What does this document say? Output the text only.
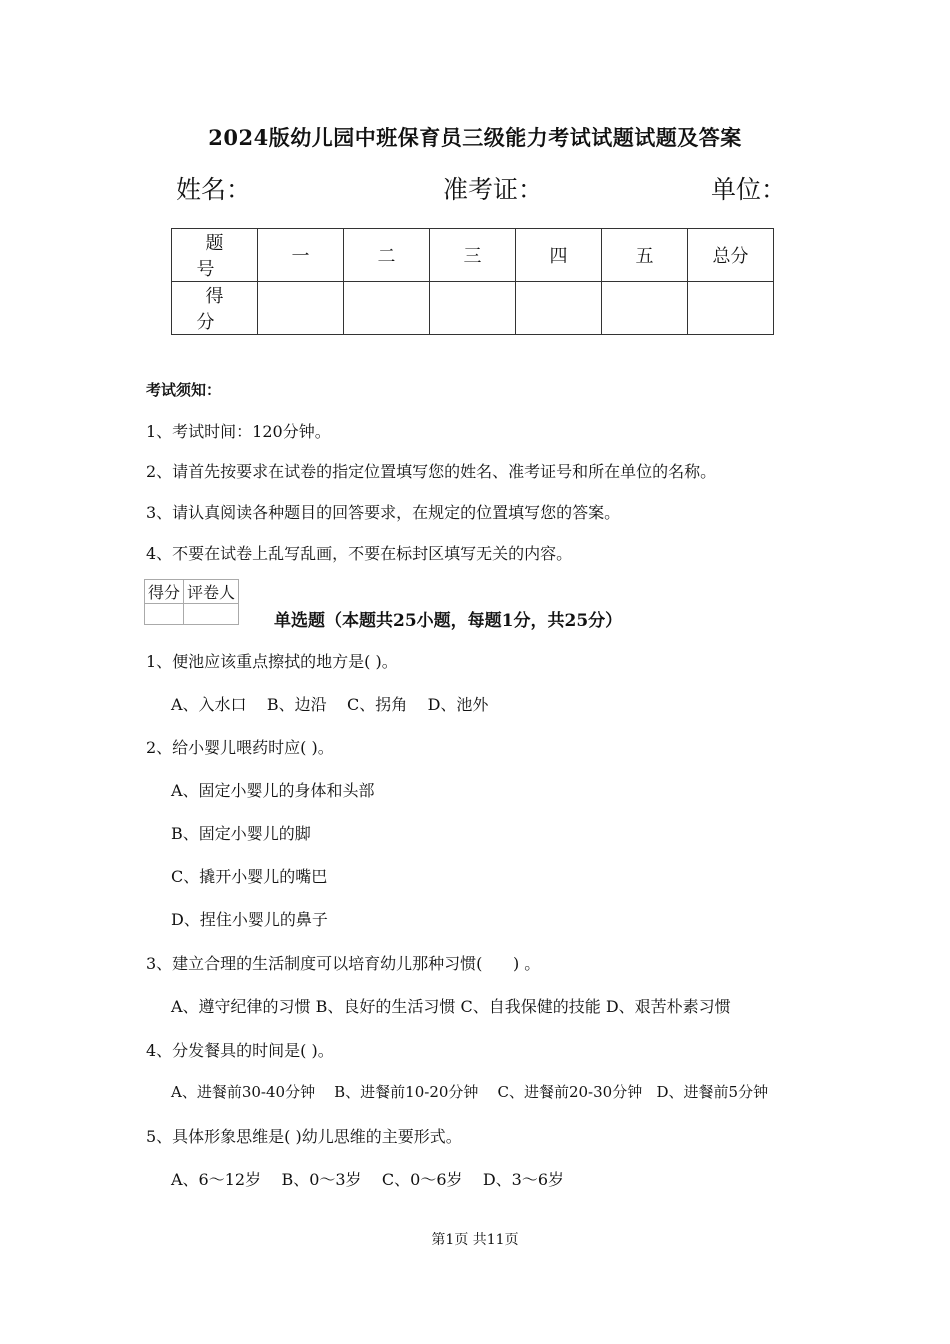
2024版幼儿园中班保育员三级能力考试试题试题及答案
姓名：	准考证：	单位：
题 号	一	二	三	四	五	总分
得 分						
考试须知：
1、考试时间：120分钟。
2、请首先按要求在试卷的指定位置填写您的姓名、准考证号和所在单位的名称。
3、请认真阅读各种题目的回答要求，在规定的位置填写您的答案。
4、不要在试卷上乱写乱画，不要在标封区填写无关的内容。
得分	评卷人

单选题（本题共25小题，每题1分，共25分）
1、便池应该重点擦拭的地方是( )。
A、入水口    B、边沿    C、拐角    D、池外
2、给小婴儿喂药时应( )。
A、固定小婴儿的身体和头部
B、固定小婴儿的脚
C、撬开小婴儿的嘴巴
D、捏住小婴儿的鼻子
3、建立合理的生活制度可以培育幼儿那种习惯(      ) 。
A、遵守纪律的习惯 B、良好的生活习惯 C、自我保健的技能 D、艰苦朴素习惯
4、分发餐具的时间是( )。
A、进餐前30-40分钟    B、进餐前10-20分钟    C、进餐前20-30分钟   D、进餐前5分钟
5、具体形象思维是( )幼儿思维的主要形式。
A、6～12岁    B、0～3岁    C、0～6岁    D、3～6岁
第1页 共11页
